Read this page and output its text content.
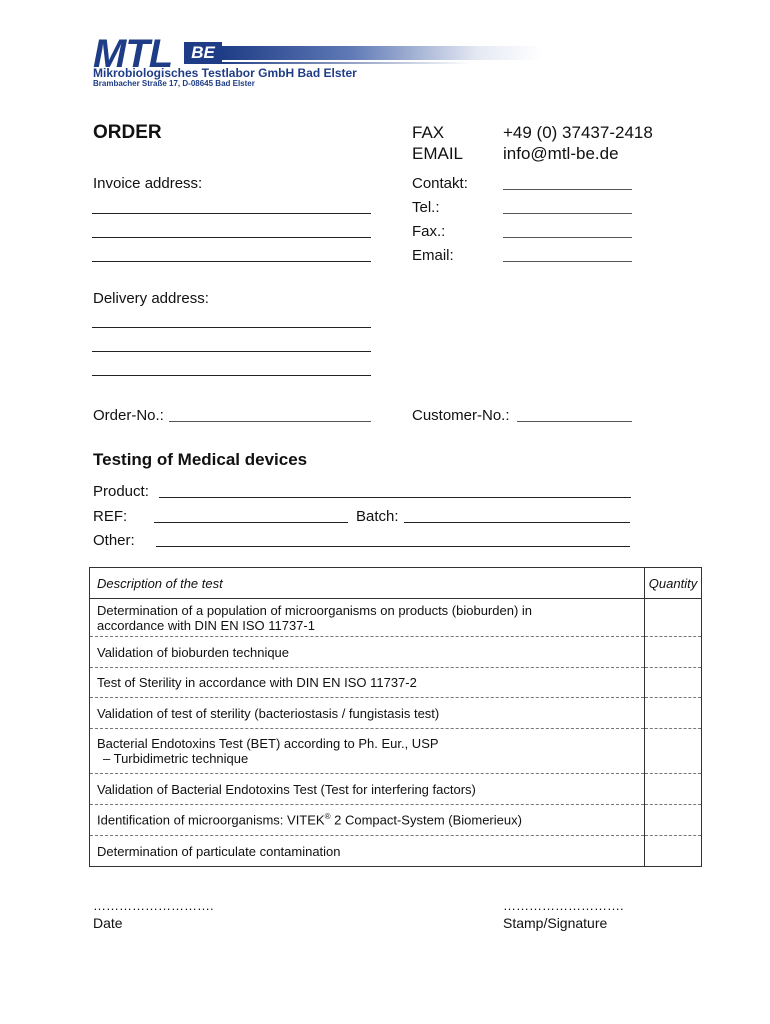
MTL	BE
Mikrobiologisches Testlabor GmbH Bad Elster
Brambacher Straße 17, D-08645 Bad Elster
ORDER	FAX	+49 (0) 37437-2418
EMAIL info@mtl-be.de
Invoice address:	Contakt:
Tel.:
Fax.:
Email:
Delivery address:
Order-No.:	Customer-No.:
Testing of Medical devices
Product:
REF:	Batch:
Other:
Description of the test	Quantity
Determination of a population of microorganisms on products (bioburden) in
accordance with DIN EN ISO 11737-1	
Validation of bioburden technique	
Test of Sterility in accordance with DIN EN ISO 11737-2	
Validation of test of sterility (bacteriostasis / fungistasis test)	
Bacterial Endotoxins Test (BET) according to Ph. Eur., USP

– Turbidimetric technique	

Validation of Bacterial Endotoxins Test (Test for interfering factors)	
Identification of microorganisms: VITEK® 2 Compact-System (Biomerieux)	
Determination of particulate contamination	
……………………….
Date
……………………….
Stamp/Signature
